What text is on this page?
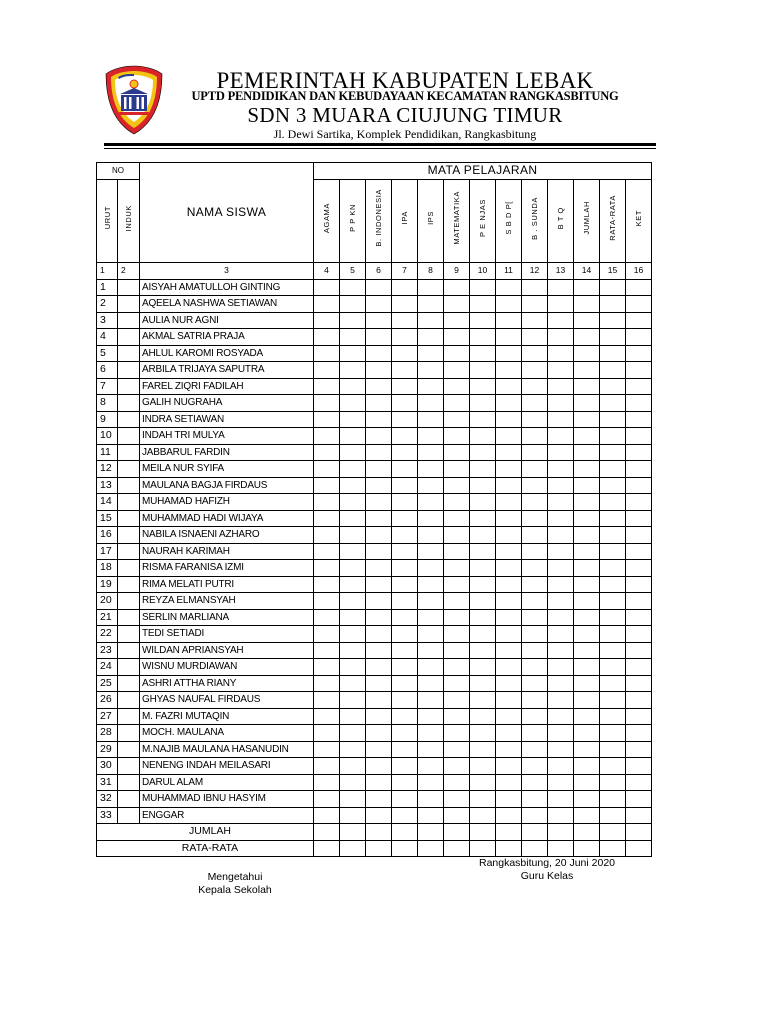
PEMERINTAH KABUPATEN LEBAK
UPTD PENDIDIKAN DAN KEBUDAYAAN KECAMATAN RANGKASBITUNG
SDN 3 MUARA CIUJUNG TIMUR
Jl. Dewi Sartika, Komplek Pendidikan, Rangkasbitung
NO		NAMA SISWA	MATA PELAJARAN												
URUT	INDUK		AGAMA	P P KN	B. INDONESIA	IPA	IPS	MATEMATIKA	P E NJAS	S B D P[	B . SUNDA	B T Q	JUMLAH	RATA-RATA	KET
1	2	3	4	5	6	7	8	9	10	11	12	13	14	15	16
1		AISYAH AMATULLOH GINTING													
2		AQEELA NASHWA SETIAWAN													
3		AULIA NUR AGNI													
4		AKMAL SATRIA PRAJA													
5		AHLUL KAROMI ROSYADA													
6		ARBILA TRIJAYA SAPUTRA													
7		FAREL ZIQRI FADILAH													
8		GALIH NUGRAHA													
9		INDRA SETIAWAN													
10		INDAH TRI MULYA													
11		JABBARUL FARDIN													
12		MEILA NUR SYIFA													
13		MAULANA BAGJA FIRDAUS													
14		MUHAMAD HAFIZH													
15		MUHAMMAD HADI WIJAYA													
16		NABILA ISNAENI AZHARO													
17		NAURAH KARIMAH													
18		RISMA FARANISA IZMI													
19		RIMA MELATI PUTRI													
20		REYZA ELMANSYAH													
21		SERLIN MARLIANA													
22		TEDI SETIADI													
23		WILDAN APRIANSYAH													
24		WISNU MURDIAWAN													
25		ASHRI ATTHA RIANY													
26		GHYAS NAUFAL FIRDAUS													
27		M. FAZRI MUTAQIN													
28		MOCH. MAULANA													
29		M.NAJIB MAULANA HASANUDIN													
30		NENENG INDAH MEILASARI													
31		DARUL ALAM													
32		MUHAMMAD IBNU HASYIM													
33		ENGGAR													
JUMLAH															
RATA-RATA															
Mengetahui
Kepala Sekolah
Rangkasbitung, 20 Juni 2020
Guru Kelas
